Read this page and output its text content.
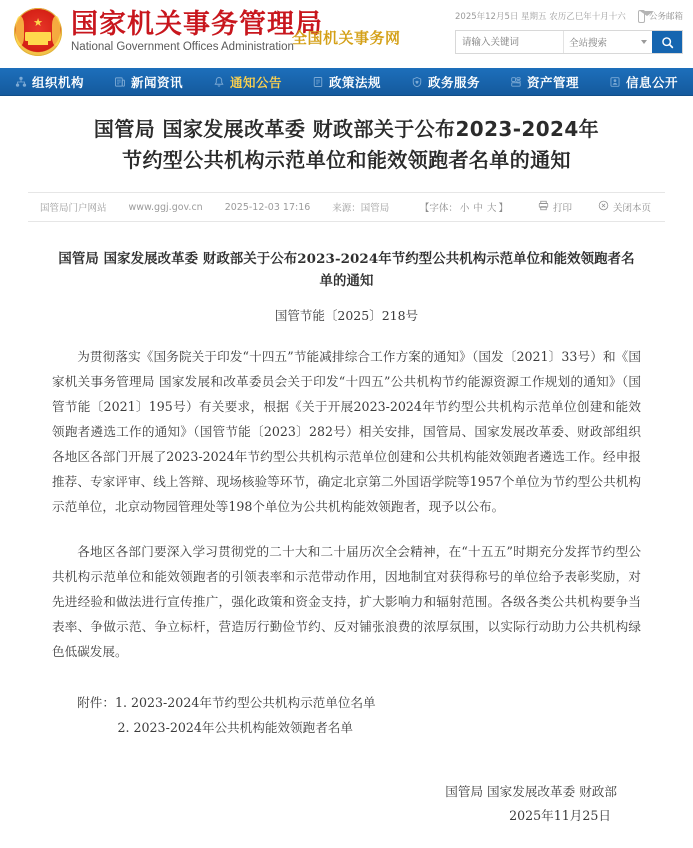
★ 国家机关事务管理局
National Government Offices Administration
全国机关事务网
2025年12月5日 星期五 农历乙巳年十月十六	公务邮箱
请输入关键词
全站搜索
组织机构	新闻资讯	通知公告	政策法规	政务服务	资产管理	信息公开
国管局 国家发展改革委 财政部关于公布2023-2024年
节约型公共机构示范单位和能效领跑者名单的通知
国管局门户网站 www.ggj.gov.cn 2025-12-03 17:16 来源：国管局	【字体： 小 中 大 】	打印	关闭本页
国管局 国家发展改革委 财政部关于公布2023-2024年节约型公共机构示范单位和能效领跑者名单的通知
国管节能〔2025〕218号

为贯彻落实《国务院关于印发“十四五”节能减排综合工作方案的通知》（国发〔2021〕33号）和《国家机关事务管理局 国家发展和改革委员会关于印发“十四五”公共机构节约能源资源工作规划的通知》（国管节能〔2021〕195号）有关要求，根据《关于开展2023-2024年节约型公共机构示范单位创建和能效领跑者遴选工作的通知》（国管节能〔2023〕282号）相关安排，国管局、国家发展改革委、财政部组织各地区各部门开展了2023-2024年节约型公共机构示范单位创建和公共机构能效领跑者遴选工作。经申报推荐、专家评审、线上答辩、现场核验等环节，确定北京第二外国语学院等1957个单位为节约型公共机构示范单位，北京动物园管理处等198个单位为公共机构能效领跑者，现予以公布。

各地区各部门要深入学习贯彻党的二十大和二十届历次全会精神，在“十五五”时期充分发挥节约型公共机构示范单位和能效领跑者的引领表率和示范带动作用，因地制宜对获得称号的单位给予表彰奖励，对先进经验和做法进行宣传推广，强化政策和资金支持，扩大影响力和辐射范围。各级各类公共机构要争当表率、争做示范、争立标杆，营造厉行勤俭节约、反对铺张浪费的浓厚氛围，以实际行动助力公共机构绿色低碳发展。

附件：1. 2023-2024年节约型公共机构示范单位名单
2. 2023-2024年公共机构能效领跑者名单
国管局 国家发展改革委 财政部
2025年11月25日
